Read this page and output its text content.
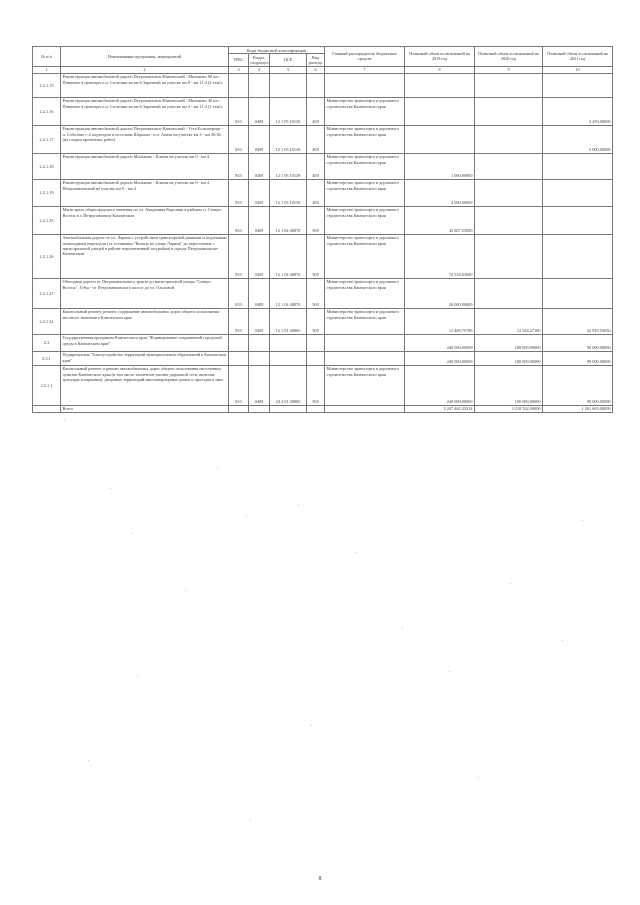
№ п/п	Наименование программы, мероприятий	Коды бюджетной классификации				Главный распорядитель бюджетных средств	Плановый объем ассигнований на 2019 год	Плановый объем ассигнований на 2020 год	Плановый объем ассигнований на 2021 год
		ГРБС	Раздел, подраздел	ЦСР	Вид расхода				
1	2	3	4	5	6	7	8	9	10
2.2.1.15	Реконструкция автомобильной дороги Петропавловск-Камчатский - Мильково 80 км - Пиначево в границах п.п. Сосновка на км 6 Заречный на участке км 8 - км 11.4 (2 этап)								
2.2.1.16	Реконструкция автомобильной дороги Петропавловск-Камчатский - Мильково 40 км - Пиначево в границах п.п. Сосновка на км 6 Заречный на участке км 4 - км 11.4 (1 этап)	833	0409	12 1 05 10136	400	Министерство транспорта и дорожного строительства Камчатского края			3 250,00000
2.2.1.17	Реконструкция автомобильной дороги Петропавловск-Камчатский - Усть-Большерецк - п. Соболево с 4 подъездом к поселкам Шаромы - п.п. Апача на участке км 3 - км 36,36 (на стадии проектных работ)	833	0409	12 1 05 10136	400	Министерство транспорта и дорожного строительства Камчатского края			5 000,00000
2.2.1.18	Реконструкция автомобильной дороги Мильково - Ключи на участке км 0 - км 4	833	0409	12 1 05 10139	400	Министерство транспорта и дорожного строительства Камчатского края	1 000,00000		
2.2.1.19	Реконструкция автомобильной дороги Мильково - Ключи на участке км 0 - км 4 Петропавловский на участке км 0 - км 4	833	0409	12 1 03 10130	400	Министерство транспорта и дорожного строительства Камчатского края	4 000,00000		
2.2.1.25	Магистраль общегородского значения по ул. Академика Королева в районах п. Северо-Восток в г. Петропавловск-Камчатском	833	0409	12 1 04 40870	500	Министерство транспорта и дорожного строительства Камчатского края	42 867,53000		
2.2.1.26	Автомобильная дорога по ул. Ларина с устройством транспортной развязки и подземным пешеходным переходом (от остановки "Кольцо по улице Ларина" до пересечения с магистральной улицей в районе перспективной застройки) в городе Петропавловске-Камчатском	833	0409	12 1 04 40870	500	Министерство транспорта и дорожного строительства Камчатского края	72 534,63000		
2.2.1.27	Объездная дороги от Петропавловского тракта до магистральной улицы "Северо-Восток", Губы - от Петропавловского шоссе до ул. Ольховой	833	0409	12 1 04 40870	500	Министерство транспорта и дорожного строительства Камчатского края	20 000,00000		
2.2.1.32	Капитальный ремонт, ремонт, содержание автомобильных дорог общего пользования местного значения в Камчатском крае	833	0409	12 1 01 40860	500	Министерство транспорта и дорожного строительства Камчатского края	12 489,75786	12 524,27180	22 919,55656
2.3	Государственная программа Камчатского края "Формирование современной городской среды в Камчатском крае"						240 000,00000	100 000,00000	90 000,00000
2.3.1	Подпрограмма "Благоустройство территорий муниципальных образований в Камчатском крае"						240 000,00000	100 000,00000	90 000,00000
2.3.1.1	Капитальный ремонт и ремонт автомобильных дорог общего пользования населенных пунктов Камчатского края (в том числе элементов улично-дорожной сети, включая тротуары и парковки), дворовых территорий многоквартирных домов и проездов к ним	833	0409	24 2 01 40800	500	Министерство транспорта и дорожного строительства Камчатского края	240 000,00000	100 000,00000	90 000,00000
	Всего						3 247 462,23524	3 218 532,00000	1 261 663,00000
8
